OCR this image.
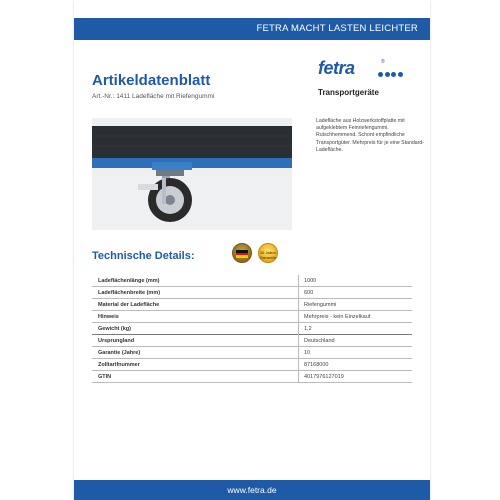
FETRA MACHT LASTEN LEICHTER
Artikeldatenblatt
Art.-Nr.: 1411 Ladefläche mit Riefengummi
fetra	®
Transportgeräte
Ladefläche aus Holzwerkstoffplatte mit aufgeklebtem Feinriefengummi. Rutschhemmend. Schont empfindliche Transportgüter. Mehrpreis für je eine Standard-Ladefläche.
Technische Details:	10 Jahre Garantie
Ladeflächenlänge (mm)	1000
Ladeflächenbreite (mm)	600
Material der Ladefläche	Riefengummi
Hinweis	Mehrpreis - kein Einzelkauf
Gewicht (kg)	1,2
Ursprungland	Deutschland
Garantie (Jahre)	10
Zolltarifnummer	87168000
GTIN	4017976127019
www.fetra.de
